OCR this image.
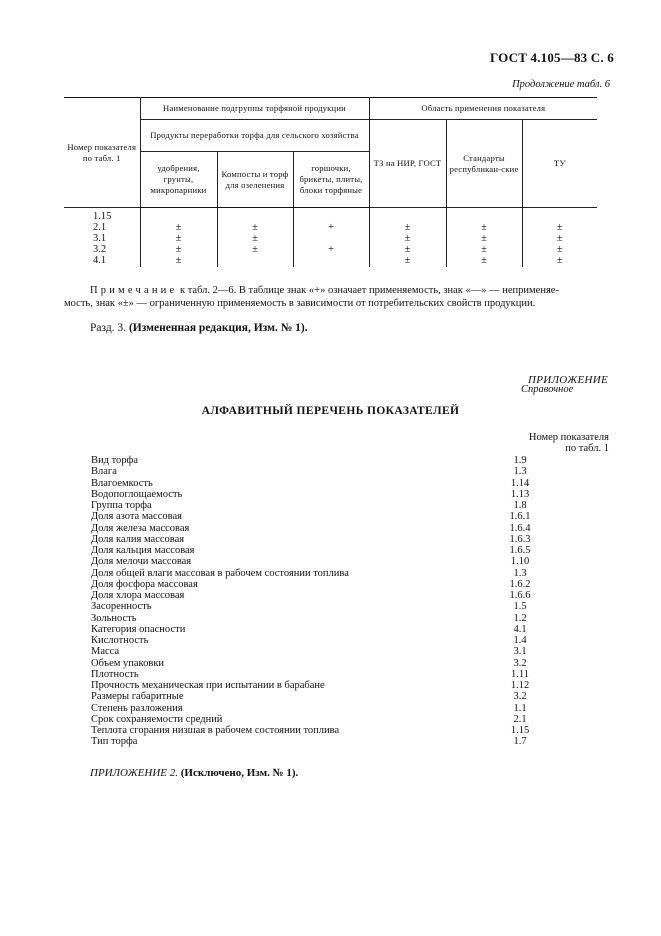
ГОСТ 4.105—83 С. 6
Продолжение табл. 6
Номер показателя по табл. 1	Наименование подгруппы торфяной продукции			Область применения показателя		
	Продукты переработки торфа для сельского хозяйства			ТЗ на НИР, ГОСТ	Стандарты республикан-ские	ТУ
	удобрения, грунты, микропарники	Компосты и торф для озеленения	горшочки, брикеты, плиты, блоки торфяные			
1.15						
2.1	±	±	+	±	±	±
3.1	±	±		±	±	±
3.2	±	±	+	±	±	±
4.1	±			±	±	±
Примечание к табл. 2—6. В таблице знак «+» означает применяемость, знак «—» — неприменяе-
мость, знак «±» — ограниченную применяемость в зависимости от потребительских свойств продукции.
Разд. 3. (Измененная редакция, Изм. № 1).
ПРИЛОЖЕНИЕ
Справочное
АЛФАВИТНЫЙ ПЕРЕЧЕНЬ ПОКАЗАТЕЛЕЙ
Номер показателя
по табл. 1
Вид торфа	1.9
Влага	1.3
Влагоемкость	1.14
Водопоглощаемость	1.13
Группа торфа	1.8
Доля азота массовая	1.6.1
Доля железа массовая	1.6.4
Доля калия массовая	1.6.3
Доля кальция массовая	1.6.5
Доля мелочи массовая	1.10
Доля общей влаги массовая в рабочем состоянии топлива	1.3
Доля фосфора массовая	1.6.2
Доля хлора массовая	1.6.6
Засоренность	1.5
Зольность	1.2
Категория опасности	4.1
Кислотность	1.4
Масса	3.1
Объем упаковки	3.2
Плотность	1.11
Прочность механическая при испытании в барабане	1.12
Размеры габаритные	3.2
Степень разложения	1.1
Срок сохраняемости средний	2.1
Теплота сгорания низшая в рабочем состоянии топлива	1.15
Тип торфа	1.7
ПРИЛОЖЕНИЕ 2. (Исключено, Изм. № 1).
